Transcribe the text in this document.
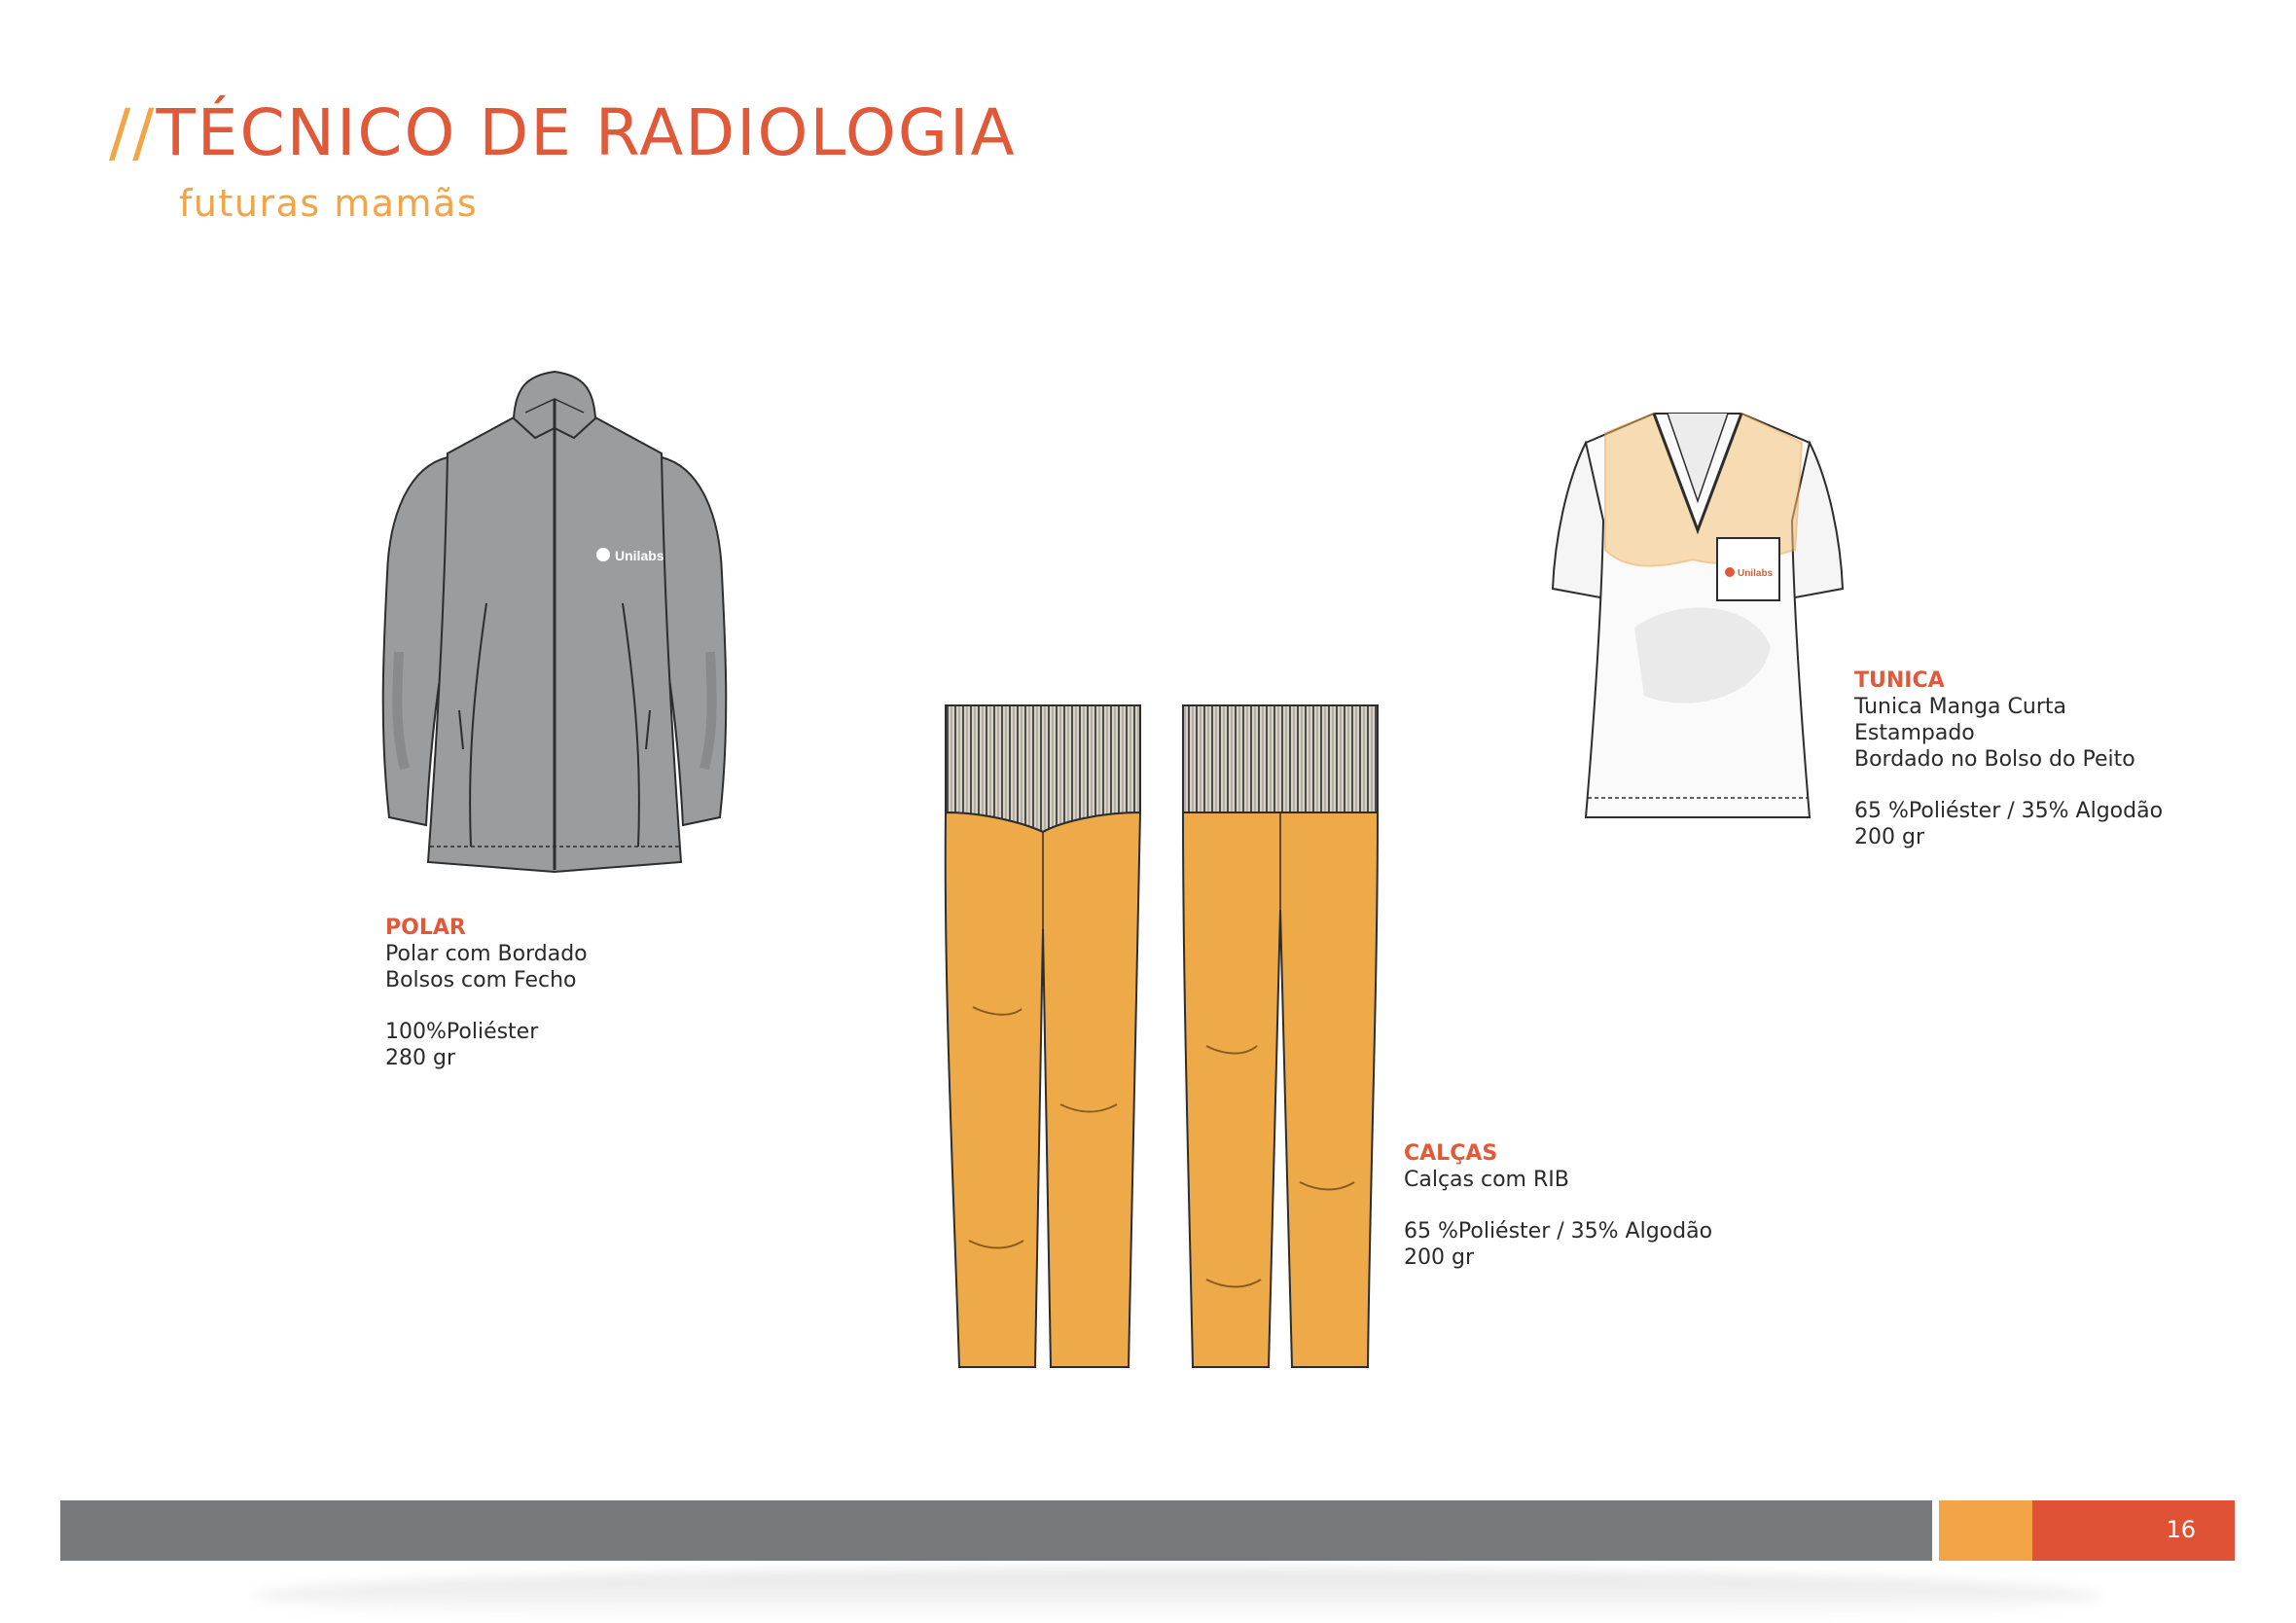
//TÉCNICO DE RADIOLOGIA
futuras mamãs
Unilabs
POLAR
Polar com Bordado
Bolsos com Fecho
100%Poliéster
280 gr
CALÇAS
Calças com RIB
65 %Poliéster / 35% Algodão
200 gr
Unilabs
TUNICA
Tunica Manga Curta
Estampado
Bordado no Bolso do Peito
65 %Poliéster / 35% Algodão
200 gr
16
